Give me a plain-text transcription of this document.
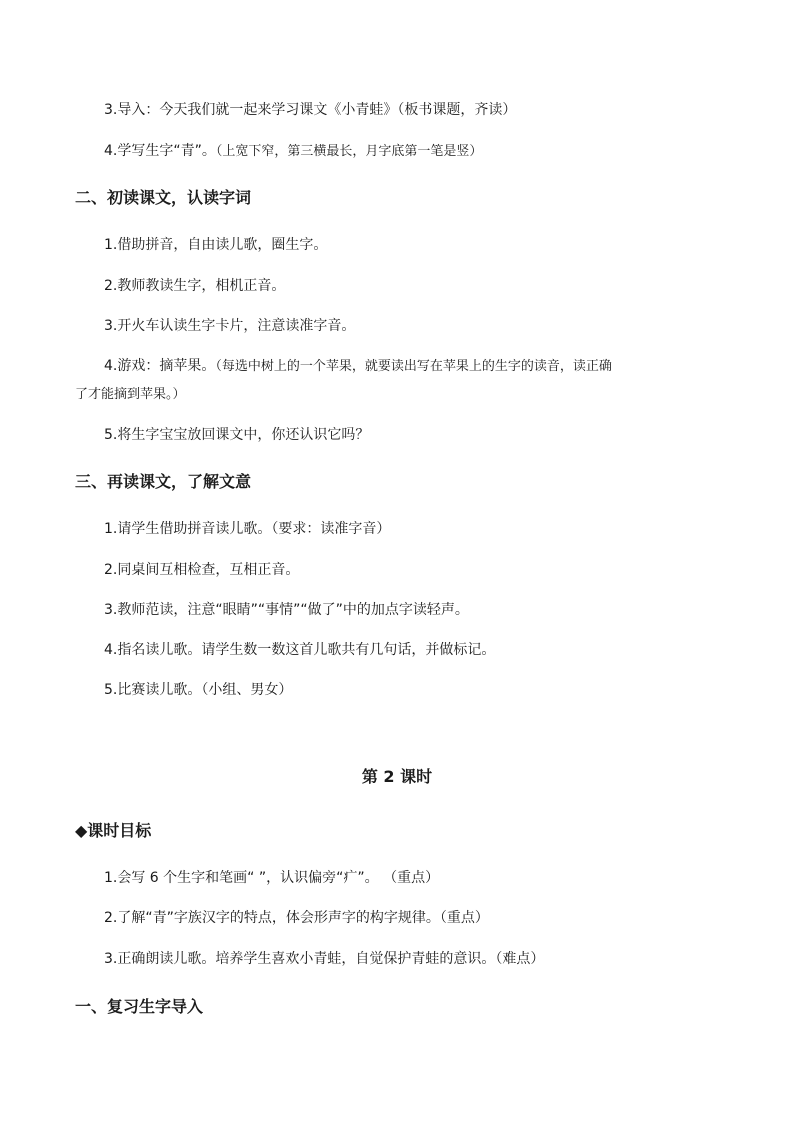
3.导入：今天我们就一起来学习课文《小青蛙》（板书课题，齐读）
4.学写生字“青”。（上宽下窄，第三横最长，月字底第一笔是竖）
二、初读课文，认读字词
1.借助拼音，自由读儿歌，圈生字。
2.教师教读生字，相机正音。
3.开火车认读生字卡片，注意读准字音。
4.游戏：摘苹果。（每选中树上的一个苹果，就要读出写在苹果上的生字的读音，读正确
了才能摘到苹果。）
5.将生字宝宝放回课文中，你还认识它吗？
三、再读课文，了解文意
1.请学生借助拼音读儿歌。（要求：读准字音）
2.同桌间互相检查，互相正音。
3.教师范读，注意“眼睛”“事情”“做了”中的加点字读轻声。
4.指名读儿歌。请学生数一数这首儿歌共有几句话，并做标记。
5.比赛读儿歌。（小组、男女）
第 2 课时
◆课时目标
1.会写 6 个生字和笔画“ ”，认识偏旁“疒”。 （重点）
2.了解“青”字族汉字的特点，体会形声字的构字规律。（重点）
3.正确朗读儿歌。培养学生喜欢小青蛙，自觉保护青蛙的意识。（难点）
一、复习生字导入
